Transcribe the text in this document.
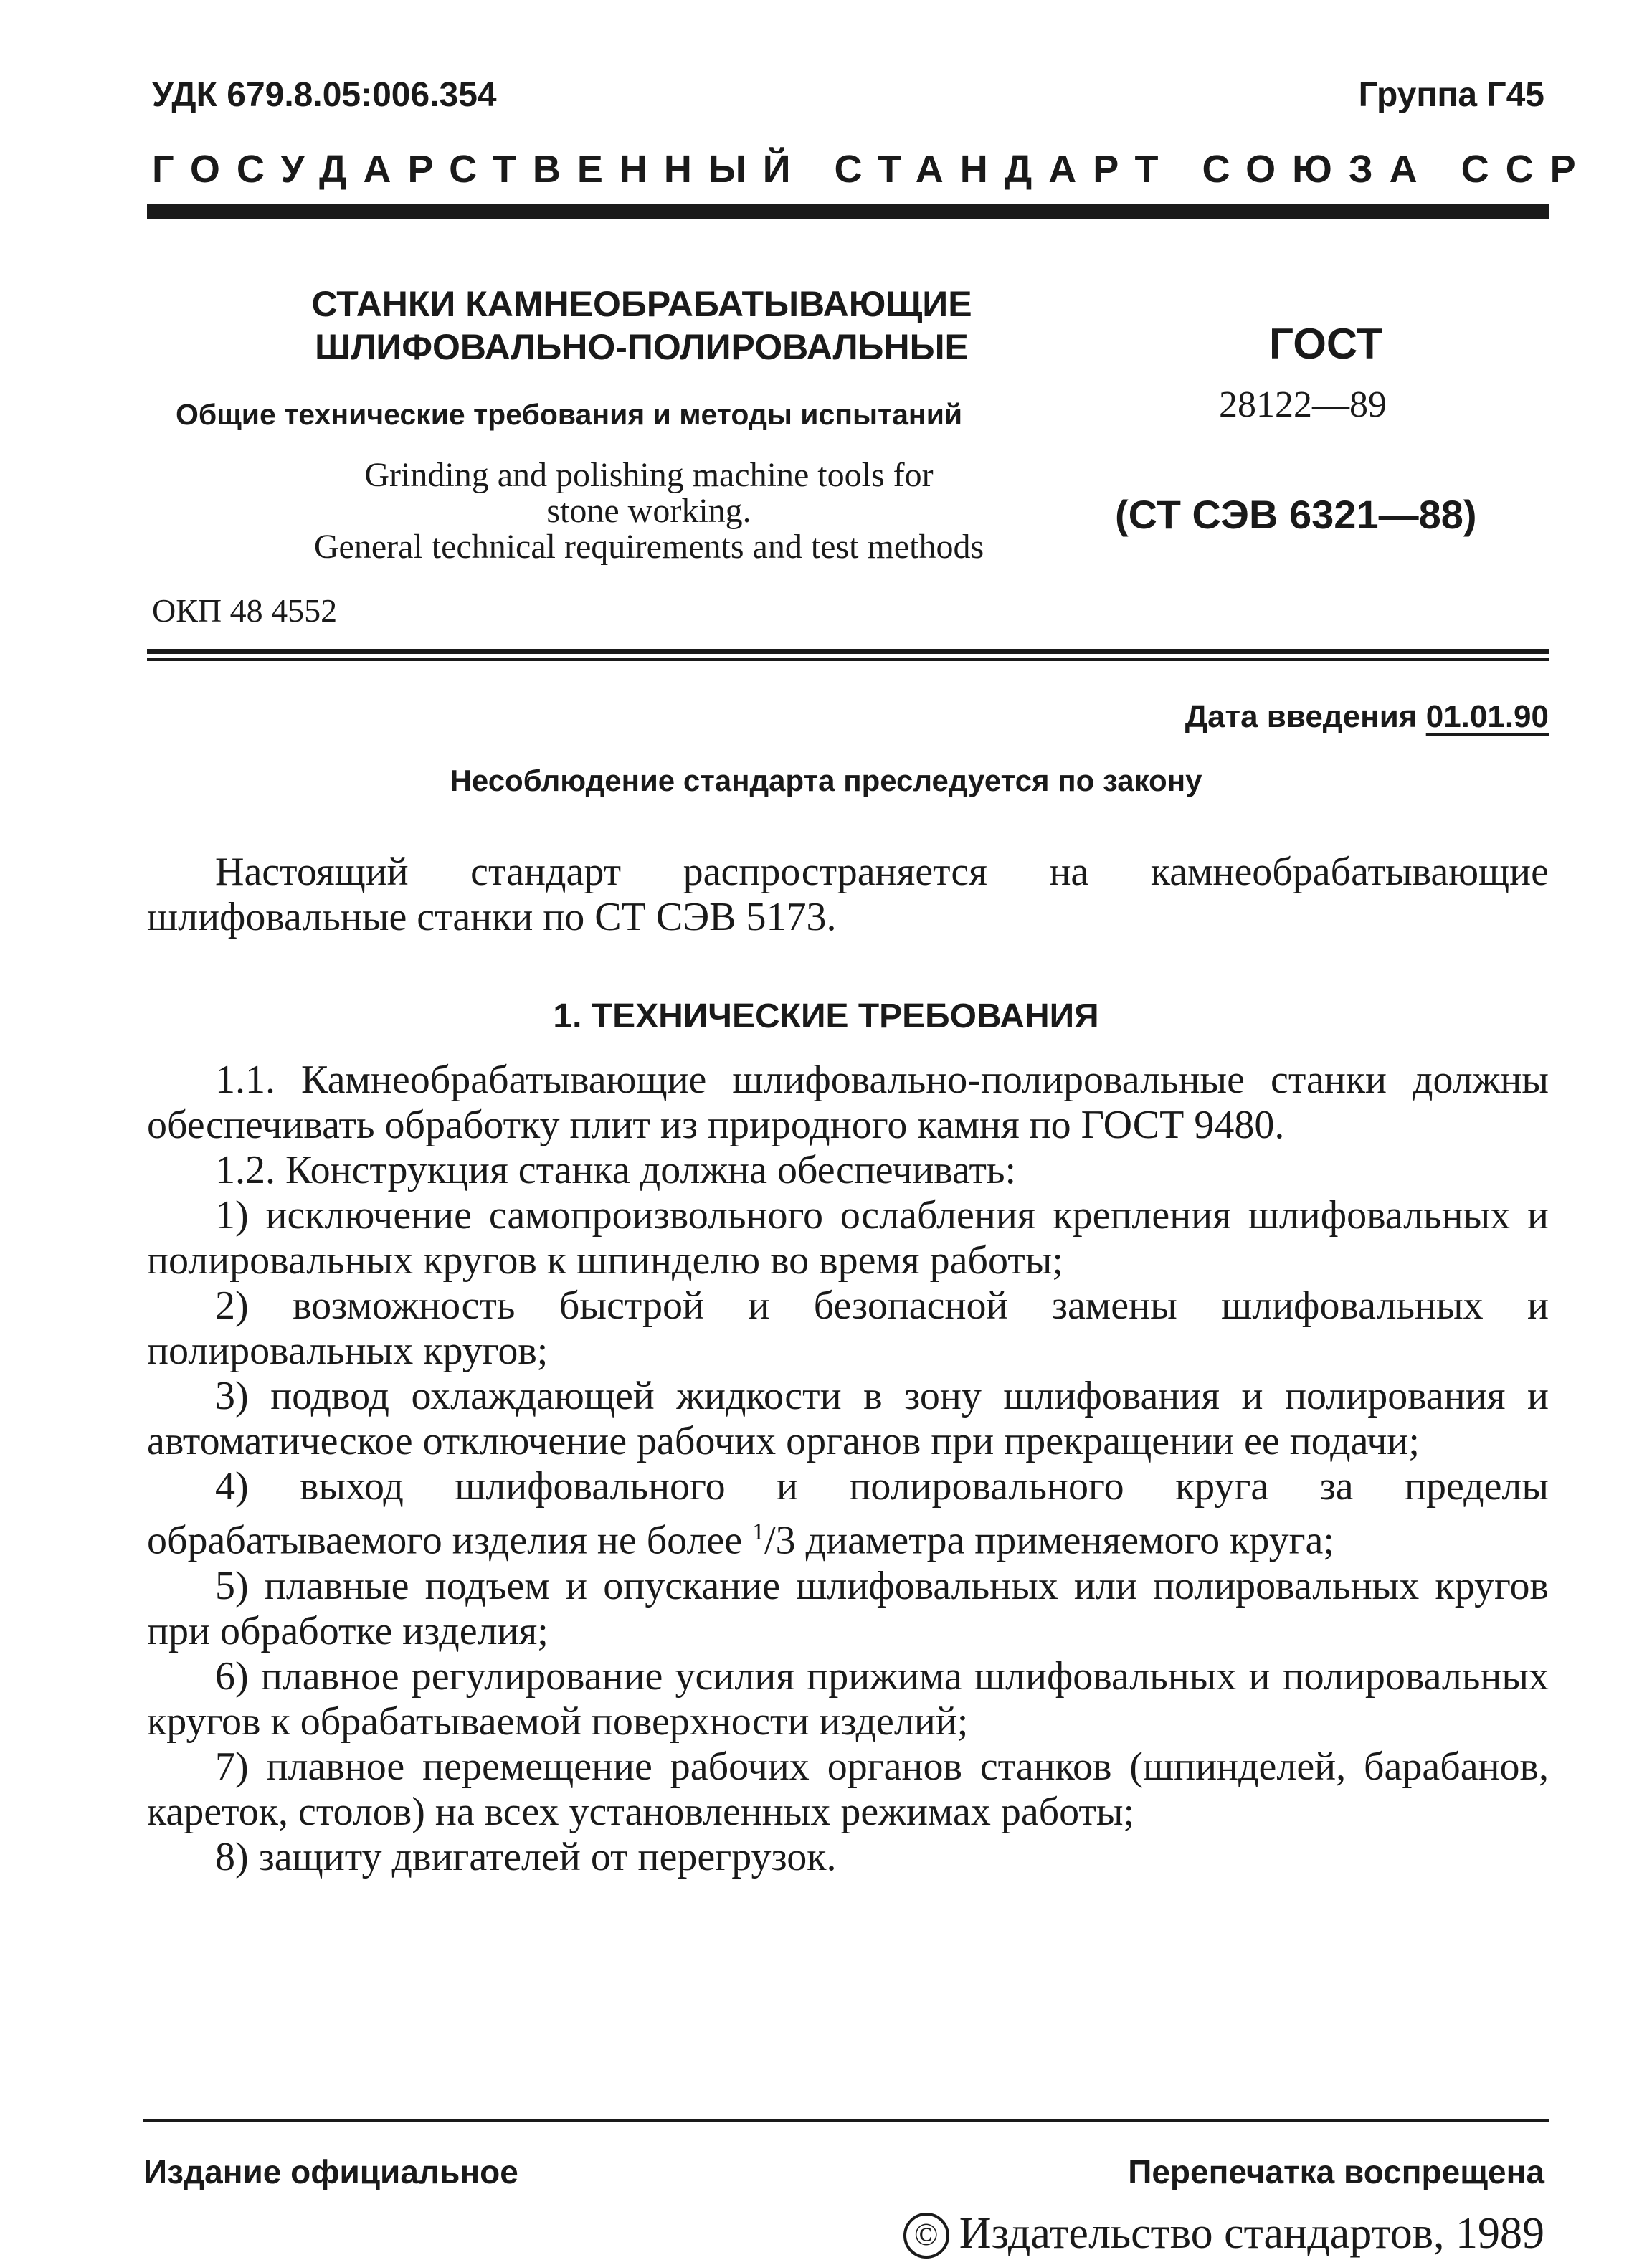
УДК 679.8.05:006.354	Группа Г45
ГОСУДАРСТВЕННЫЙ СТАНДАРТ СОЮЗА ССР
СТАНКИ КАМНЕОБРАБАТЫВАЮЩИЕ
ШЛИФОВАЛЬНО-ПОЛИРОВАЛЬНЫЕ
Общие технические требования и методы испытаний
Grinding and polishing machine tools for
stone working.
General technical requirements and test methods
ОКП 48 4552
ГОСТ
28122—89
(СТ СЭВ 6321—88)
Дата введения 01.01.90
Несоблюдение стандарта преследуется по закону
Настоящий стандарт распространяется на камнеобрабатывающие шлифовальные станки по СТ СЭВ 5173.
1. ТЕХНИЧЕСКИЕ ТРЕБОВАНИЯ

1.1. Камнеобрабатывающие шлифовально-полировальные станки должны обеспечивать обработку плит из природного камня по ГОСТ 9480.

1.2. Конструкция станка должна обеспечивать:

1) исключение самопроизвольного ослабления крепления шлифовальных и полировальных кругов к шпинделю во время работы;

2) возможность быстрой и безопасной замены шлифовальных и полировальных кругов;

3) подвод охлаждающей жидкости в зону шлифования и полирования и автоматическое отключение рабочих органов при прекращении ее подачи;

4) выход шлифовального и полировального круга за пределы обрабатываемого изделия не более $^1$/3 диаметра применяемого круга;

5) плавные подъем и опускание шлифовальных или полировальных кругов при обработке изделия;

6) плавное регулирование усилия прижима шлифовальных и полировальных кругов к обрабатываемой поверхности изделий;

7) плавное перемещение рабочих органов станков (шпинделей, барабанов, кареток, столов) на всех установленных режимах работы;

8) защиту двигателей от перегрузок.

Издание официальное	Перепечатка воспрещена
© Издательство стандартов, 1989
